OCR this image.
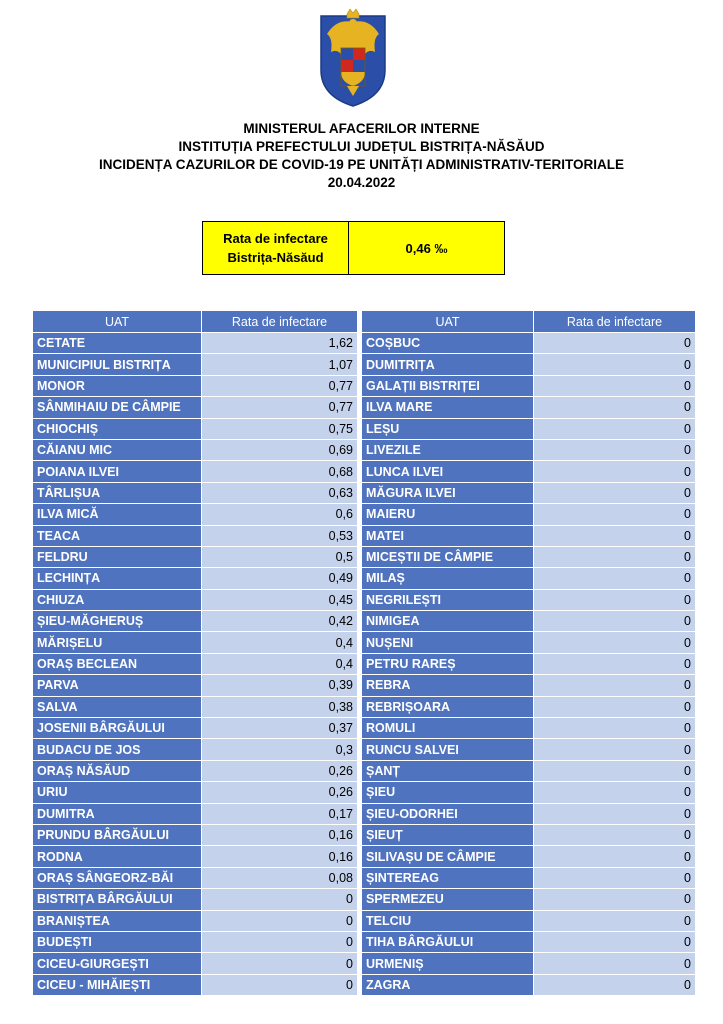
MINISTERUL AFACERILOR INTERNE
INSTITUȚIA PREFECTULUI JUDEȚUL BISTRIȚA-NĂSĂUD
INCIDENȚA CAZURILOR DE COVID-19 PE UNITĂȚI ADMINISTRATIV-TERITORIALE
20.04.2022
Rata de infectare
Bistrița-Năsăud
0,46 ‰
UAT	Rata de infectare
CETATE	1,62
MUNICIPIUL BISTRIȚA	1,07
MONOR	0,77
SÂNMIHAIU DE CÂMPIE	0,77
CHIOCHIȘ	0,75
CĂIANU MIC	0,69
POIANA ILVEI	0,68
TÂRLIȘUA	0,63
ILVA MICĂ	0,6
TEACA	0,53
FELDRU	0,5
LECHINȚA	0,49
CHIUZA	0,45
ȘIEU-MĂGHERUȘ	0,42
MĂRIȘELU	0,4
ORAȘ BECLEAN	0,4
PARVA	0,39
SALVA	0,38
JOSENII BÂRGĂULUI	0,37
BUDACU DE JOS	0,3
ORAȘ NĂSĂUD	0,26
URIU	0,26
DUMITRA	0,17
PRUNDU BÂRGĂULUI	0,16
RODNA	0,16
ORAȘ SÂNGEORZ-BĂI	0,08
BISTRIȚA BÂRGĂULUI	0
BRANIȘTEA	0
BUDEȘTI	0
CICEU-GIURGEȘTI	0
CICEU - MIHĂIEȘTI	0
UAT	Rata de infectare
COȘBUC	0
DUMITRIȚA	0
GALAȚII BISTRIȚEI	0
ILVA MARE	0
LEȘU	0
LIVEZILE	0
LUNCA ILVEI	0
MĂGURA ILVEI	0
MAIERU	0
MATEI	0
MICEȘTII DE CÂMPIE	0
MILAȘ	0
NEGRILEȘTI	0
NIMIGEA	0
NUȘENI	0
PETRU RAREȘ	0
REBRA	0
REBRIȘOARA	0
ROMULI	0
RUNCU SALVEI	0
ȘANȚ	0
ȘIEU	0
ȘIEU-ODORHEI	0
ȘIEUȚ	0
SILIVAȘU DE CÂMPIE	0
ȘINTEREAG	0
SPERMEZEU	0
TELCIU	0
TIHA BÂRGĂULUI	0
URMENIȘ	0
ZAGRA	0
